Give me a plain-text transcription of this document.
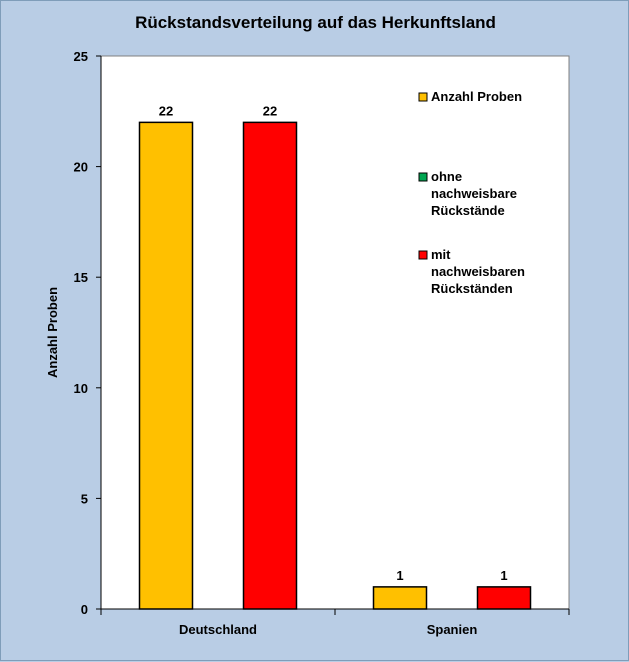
Rückstandsverteilung auf das Herkunftsland
0
5
10
15
20
25
Anzahl Proben
22	22
Deutschland
1	1
Spanien
Anzahl Proben
ohne
nachweisbare
Rückstände
mit
nachweisbaren
Rückständen
